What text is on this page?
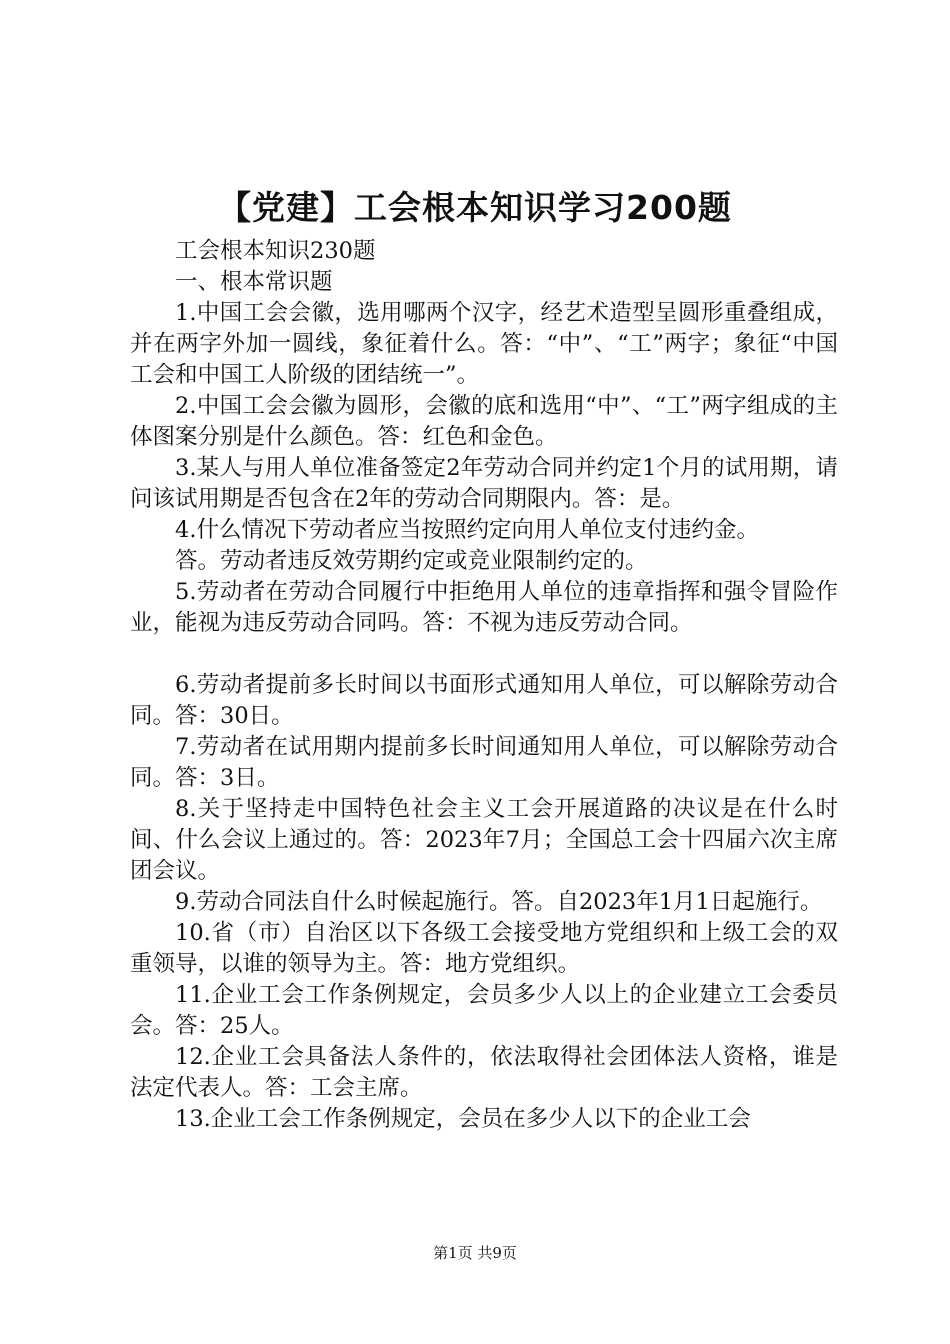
【党建】工会根本知识学习200题

工会根本知识230题

一、根本常识题

1.中国工会会徽，选用哪两个汉字，经艺术造型呈圆形重叠组成，并在两字外加一圆线，象征着什么。答：“中”、“工”两字；象征“中国工会和中国工人阶级的团结统一”。

2.中国工会会徽为圆形，会徽的底和选用“中”、“工”两字组成的主体图案分别是什么颜色。答：红色和金色。

3.某人与用人单位准备签定2年劳动合同并约定1个月的试用期，请问该试用期是否包含在2年的劳动合同期限内。答：是。

4.什么情况下劳动者应当按照约定向用人单位支付违约金。

答。劳动者违反效劳期约定或竞业限制约定的。

5.劳动者在劳动合同履行中拒绝用人单位的违章指挥和强令冒险作业，能视为违反劳动合同吗。答：不视为违反劳动合同。

6.劳动者提前多长时间以书面形式通知用人单位，可以解除劳动合同。答：30日。

7.劳动者在试用期内提前多长时间通知用人单位，可以解除劳动合同。答：3日。

8.关于坚持走中国特色社会主义工会开展道路的决议是在什么时间、什么会议上通过的。答：2023年7月；全国总工会十四届六次主席团会议。

9.劳动合同法自什么时候起施行。答。自2023年1月1日起施行。

10.省（市）自治区以下各级工会接受地方党组织和上级工会的双重领导，以谁的领导为主。答：地方党组织。

11.企业工会工作条例规定，会员多少人以上的企业建立工会委员会。答：25人。

12.企业工会具备法人条件的，依法取得社会团体法人资格，谁是法定代表人。答：工会主席。

13.企业工会工作条例规定，会员在多少人以下的企业工会

第1页 共9页
